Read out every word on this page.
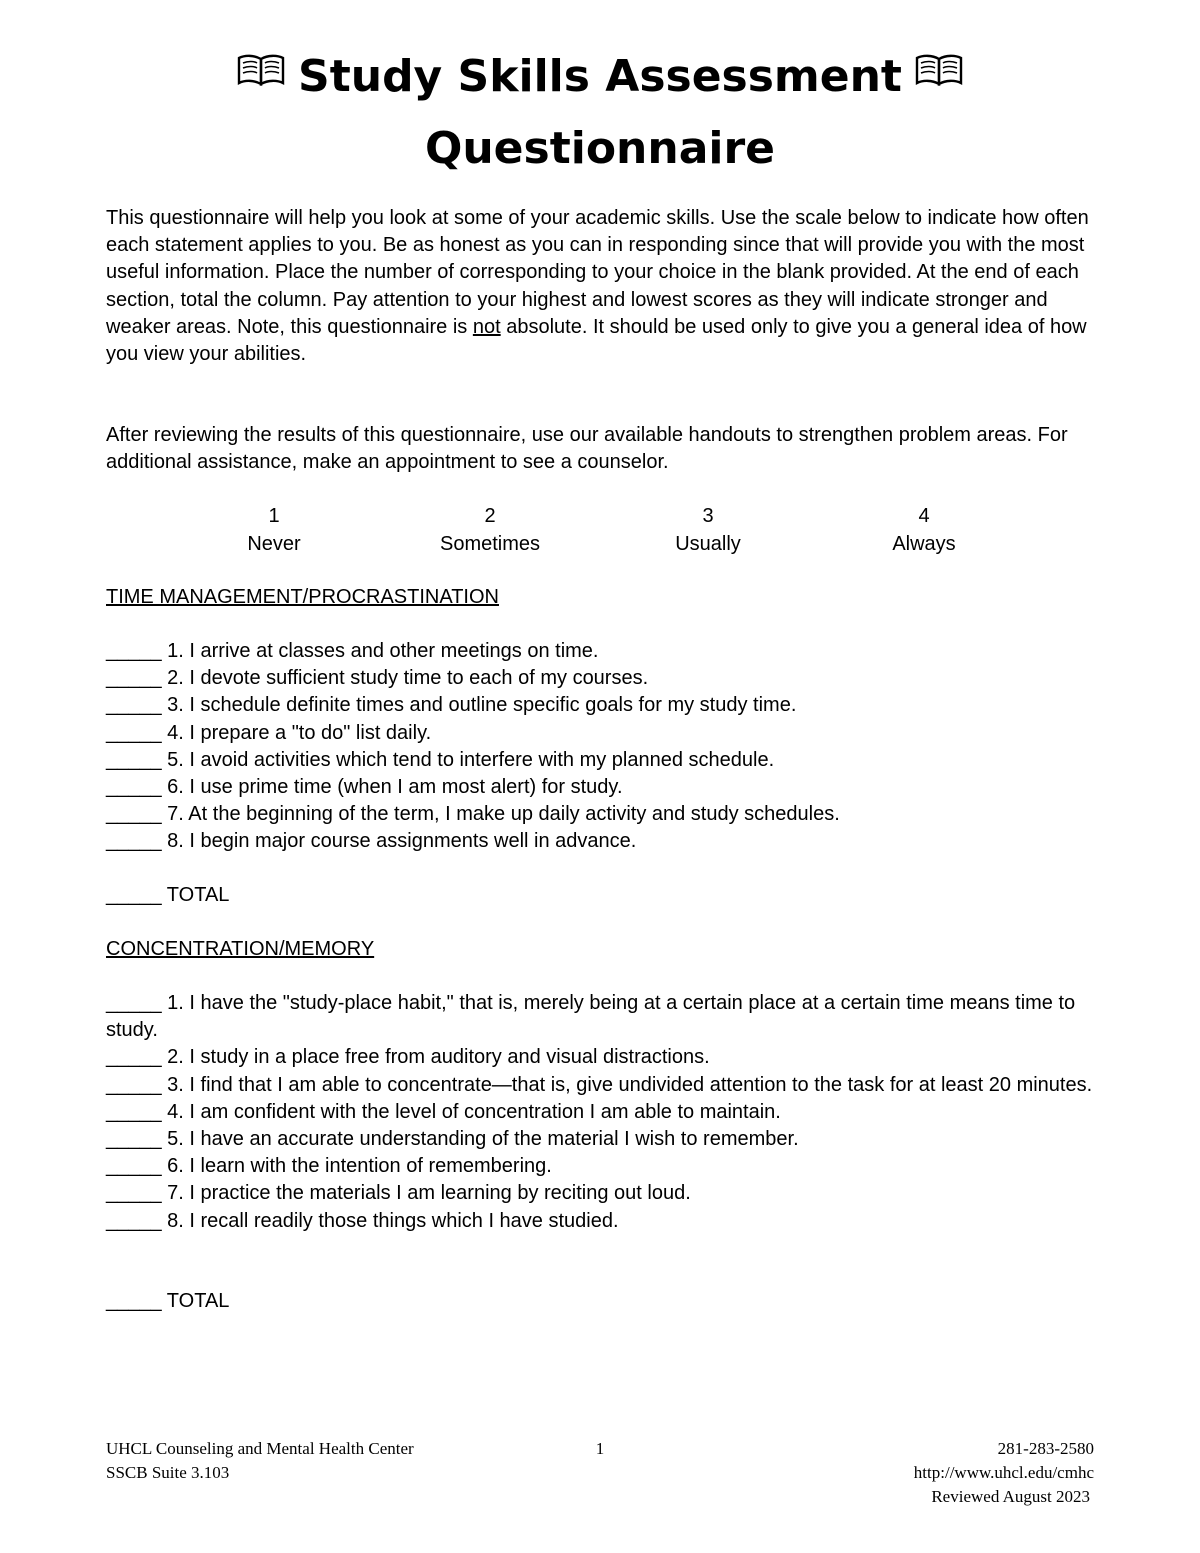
Study Skills Assessment
Questionnaire
This questionnaire will help you look at some of your academic skills. Use the scale below to indicate how often each statement applies to you. Be as honest as you can in responding since that will provide you with the most useful information. Place the number of corresponding to your choice in the blank provided. At the end of each section, total the column. Pay attention to your highest and lowest scores as they will indicate stronger and weaker areas. Note, this questionnaire is not absolute. It should be used only to give you a general idea of how you view your abilities.
After reviewing the results of this questionnaire, use our available handouts to strengthen problem areas. For additional assistance, make an appointment to see a counselor.
1
Never
2
Sometimes
3
Usually
4
Always
TIME MANAGEMENT/PROCRASTINATION
_____ 1. I arrive at classes and other meetings on time.
_____ 2. I devote sufficient study time to each of my courses.
_____ 3. I schedule definite times and outline specific goals for my study time.
_____ 4. I prepare a "to do" list daily.
_____ 5. I avoid activities which tend to interfere with my planned schedule.
_____ 6. I use prime time (when I am most alert) for study.
_____ 7. At the beginning of the term, I make up daily activity and study schedules.
_____ 8. I begin major course assignments well in advance.
_____ TOTAL
CONCENTRATION/MEMORY
_____ 1. I have the "study-place habit," that is, merely being at a certain place at a certain time means time to study.
_____ 2. I study in a place free from auditory and visual distractions.
_____ 3. I find that I am able to concentrate—that is, give undivided attention to the task for at least 20 minutes.
_____ 4. I am confident with the level of concentration I am able to maintain.
_____ 5. I have an accurate understanding of the material I wish to remember.
_____ 6. I learn with the intention of remembering.
_____ 7. I practice the materials I am learning by reciting out loud.
_____ 8. I recall readily those things which I have studied.
_____ TOTAL
UHCL Counseling and Mental Health Center
SSCB Suite 3.103
1	281-283-2580
http://www.uhcl.edu/cmhc
Reviewed August 2023
